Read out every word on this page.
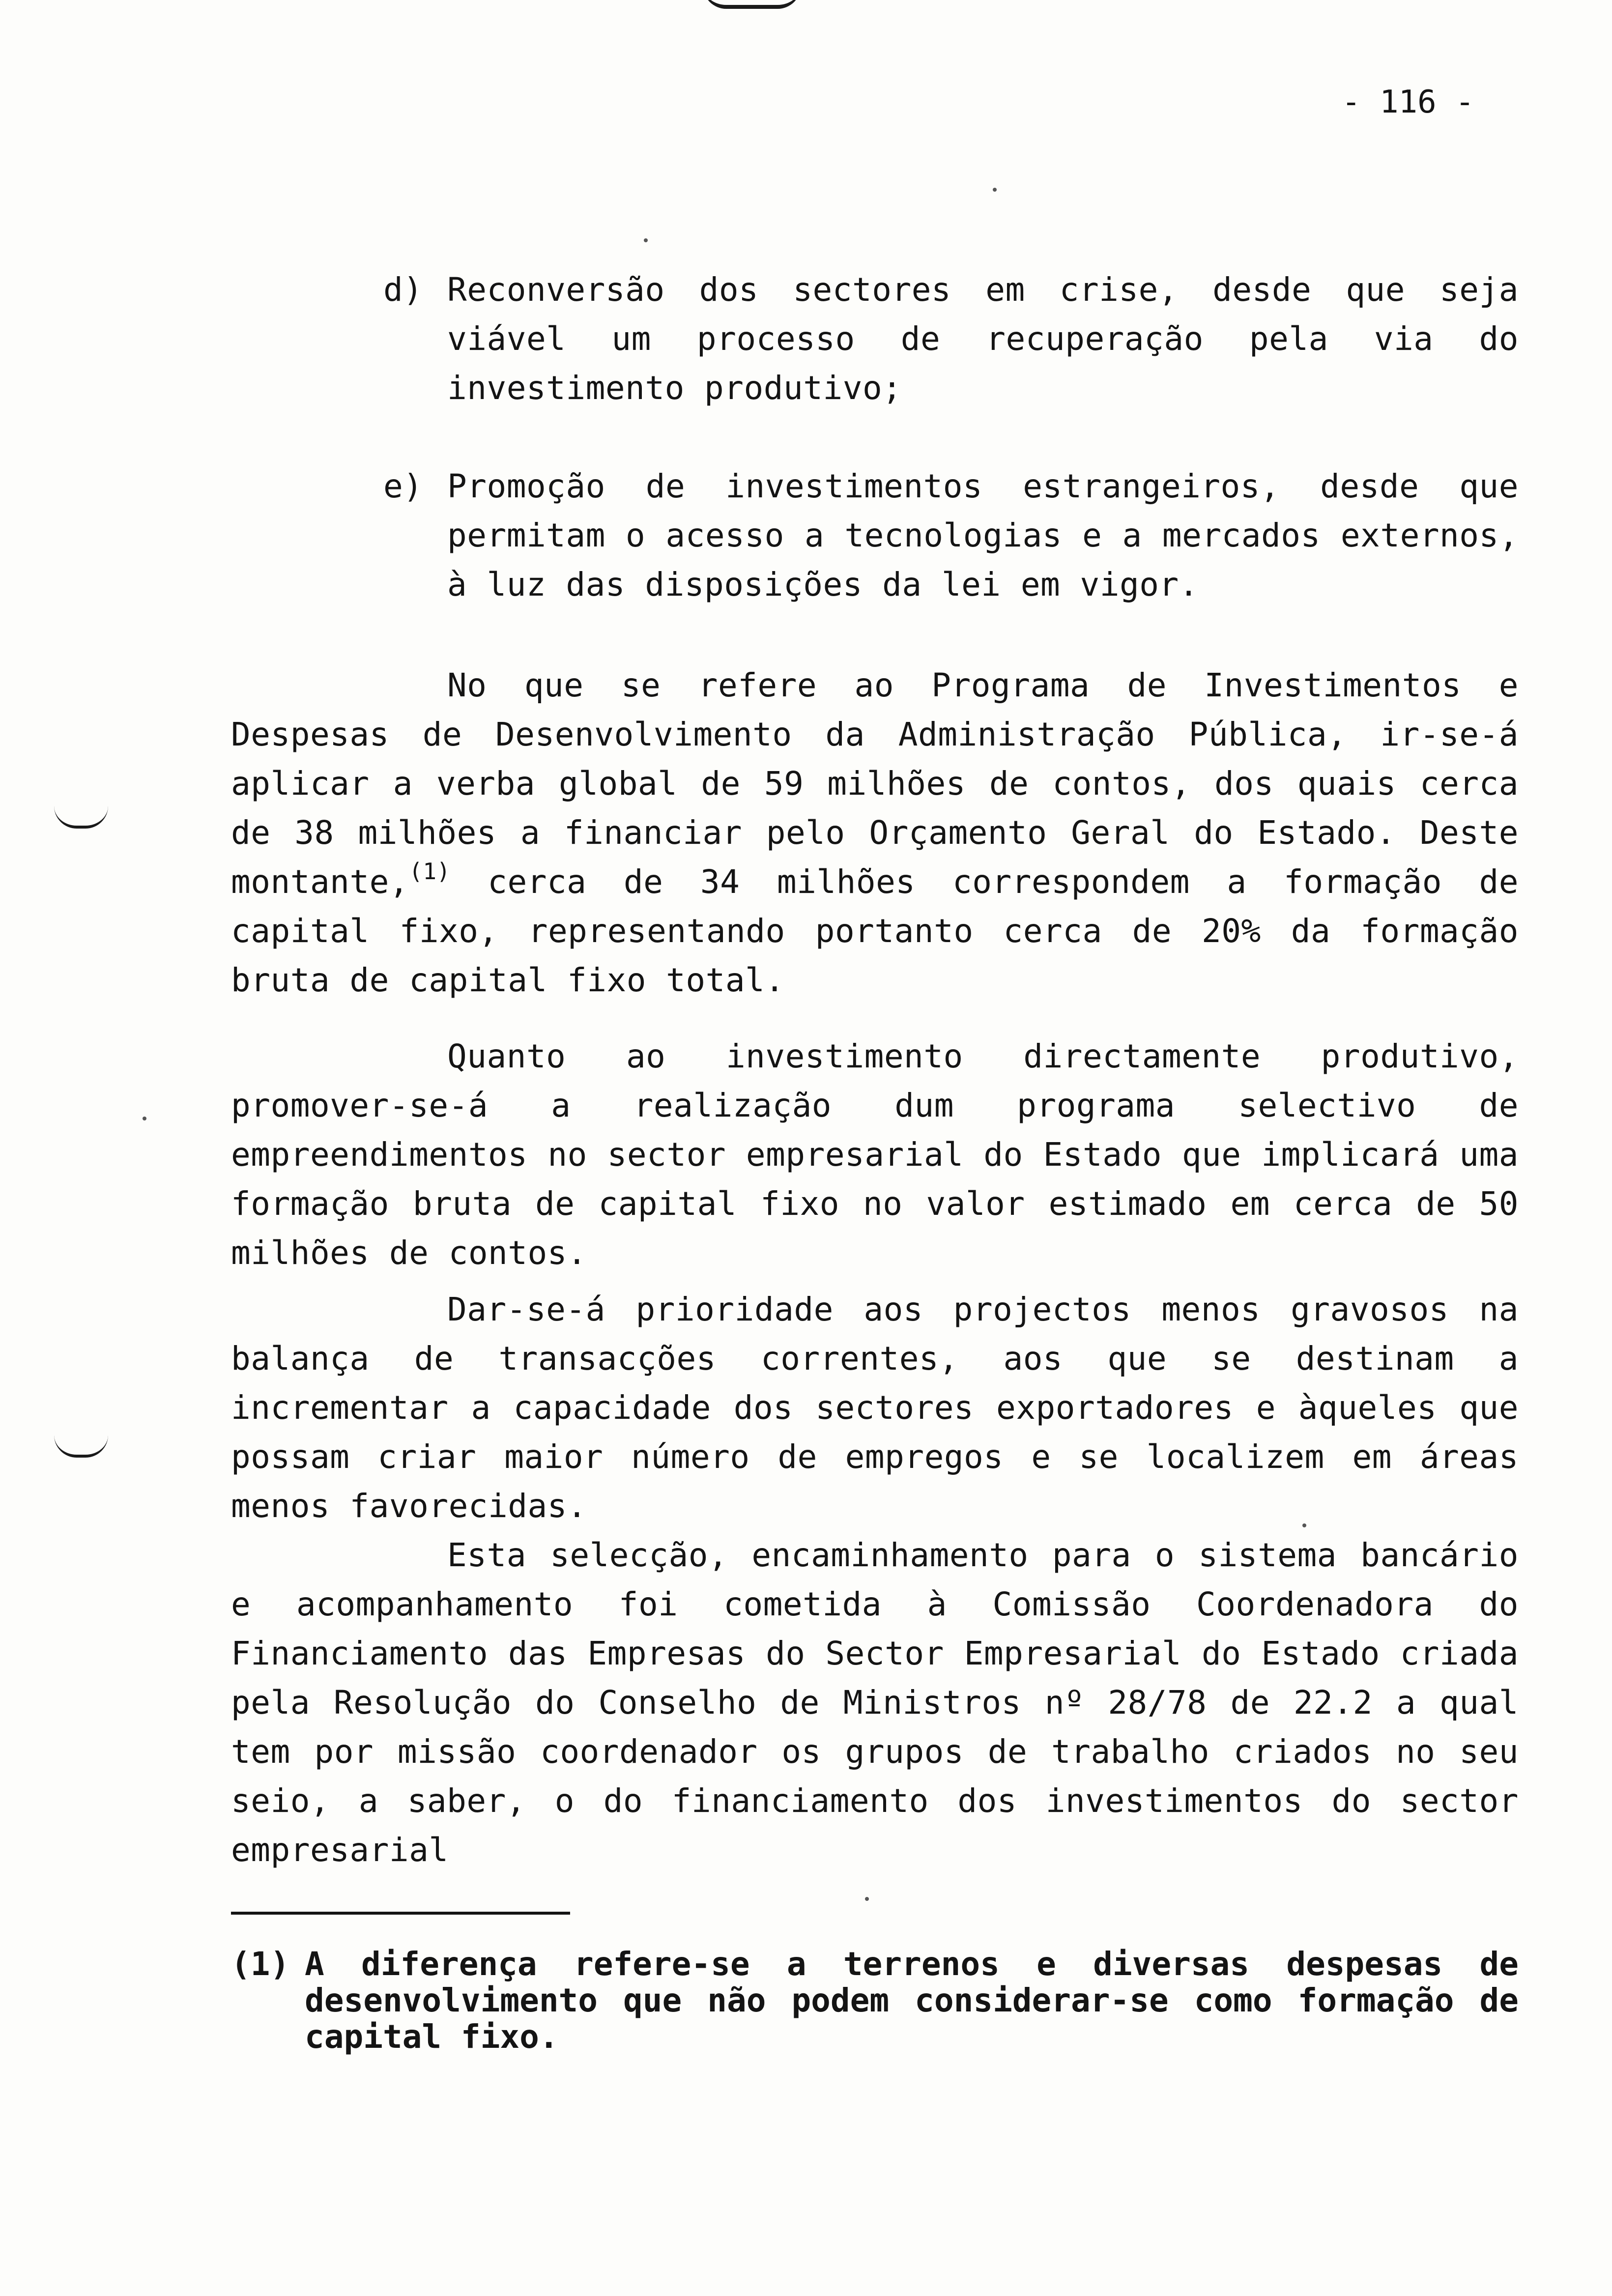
- 116 -
d) Reconversão dos sectores em crise, desde que seja viável um processo de recuperação pela via do investimento produtivo;

e) Promoção de investimentos estrangeiros, desde que permitam o acesso a tecnologias e a mercados externos, à luz das disposições da lei em vigor.

No que se refere ao Programa de Investimentos e Despesas de Desenvolvimento da Administração Pública, ir-se-á aplicar a verba global de 59 milhões de contos, dos quais cerca de 38 milhões a financiar pelo Orçamento Geral do Estado. Deste montante,$^{(1)}$ cerca de 34 milhões correspondem a formação de capital fixo, representando portanto cerca de 20% da formação bruta de capital fixo total.

Quanto ao investimento directamente produtivo, promover-se-á a realização dum programa selectivo de empreendimentos no sector empresarial do Estado que implicará uma formação bruta de capital fixo no valor estimado em cerca de 50 milhões de contos.

Dar-se-á prioridade aos projectos menos gravosos na balança de transacções correntes, aos que se destinam a incrementar a capacidade dos sectores exportadores e àqueles que possam criar maior número de empregos e se localizem em áreas menos favorecidas.

Esta selecção, encaminhamento para o sistema bancário e acompanhamento foi cometida à Comissão Coordenadora do Financiamento das Empresas do Sector Empresarial do Estado criada pela Resolução do Conselho de Ministros nº 28/78 de 22.2 a qual tem por missão coordenador os grupos de trabalho criados no seu seio, a saber, o do financiamento dos investimentos do sector empresarial

(1) A diferença refere-se a terrenos e diversas despesas de desenvolvimento que não podem considerar-se como formação de capital fixo.
